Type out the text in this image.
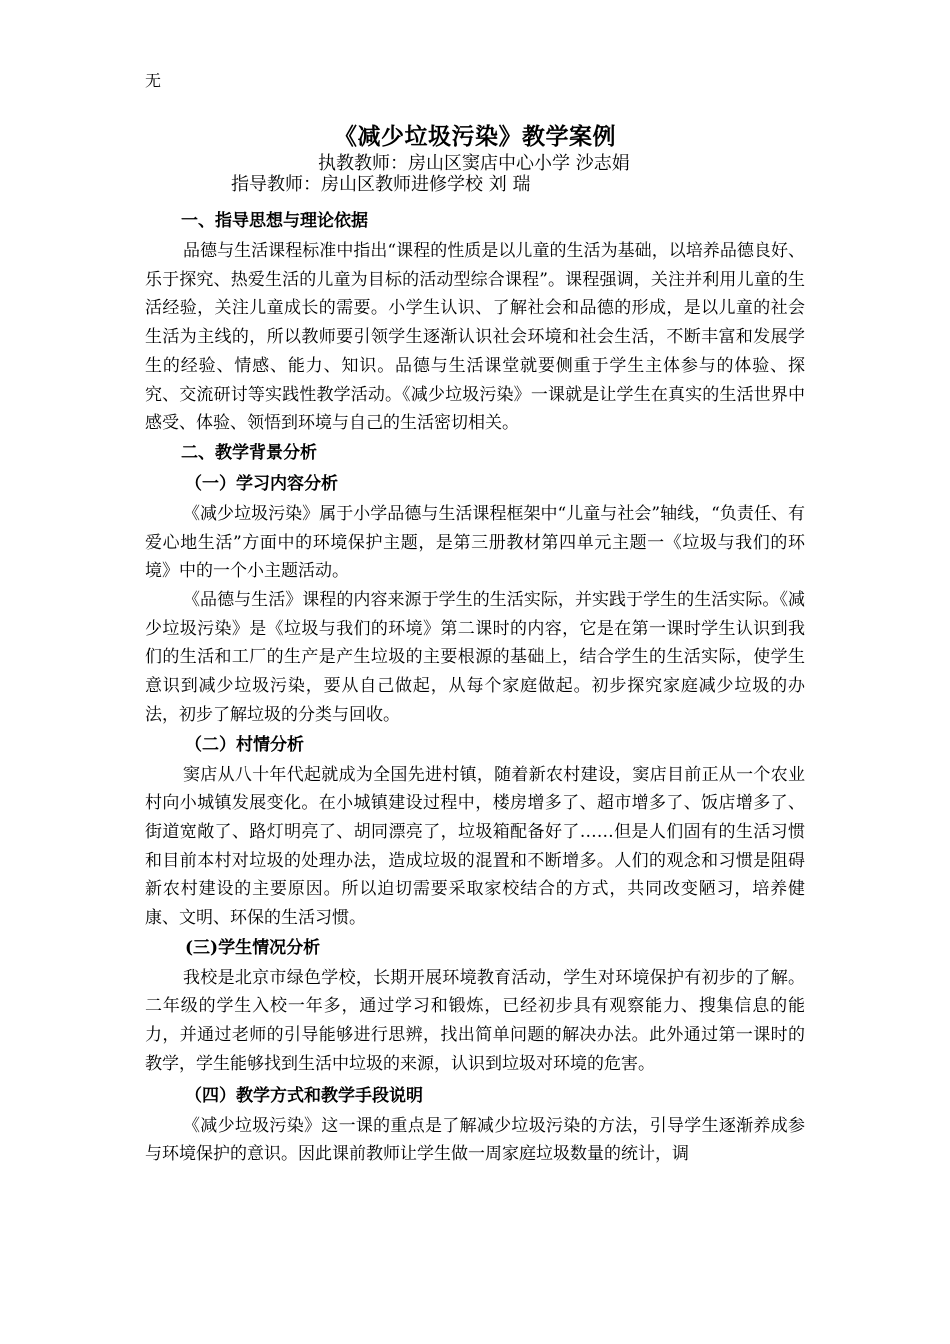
无
《减少垃圾污染》教学案例
执教教师：房山区窦店中心小学 沙志娟
指导教师：房山区教师进修学校 刘 瑞
一、指导思想与理论依据

品德与生活课程标准中指出“课程的性质是以儿童的生活为基础，以培养品德良好、乐于探究、热爱生活的儿童为目标的活动型综合课程”。课程强调，关注并利用儿童的生活经验，关注儿童成长的需要。小学生认识、了解社会和品德的形成，是以儿童的社会生活为主线的，所以教师要引领学生逐渐认识社会环境和社会生活，不断丰富和发展学生的经验、情感、能力、知识。品德与生活课堂就要侧重于学生主体参与的体验、探究、交流研讨等实践性教学活动。《减少垃圾污染》一课就是让学生在真实的生活世界中感受、体验、领悟到环境与自己的生活密切相关。

二、教学背景分析
（一）学习内容分析

《减少垃圾污染》属于小学品德与生活课程框架中“儿童与社会”轴线，“负责任、有爱心地生活”方面中的环境保护主题，是第三册教材第四单元主题一《垃圾与我们的环境》中的一个小主题活动。

《品德与生活》课程的内容来源于学生的生活实际，并实践于学生的生活实际。《减少垃圾污染》是《垃圾与我们的环境》第二课时的内容，它是在第一课时学生认识到我们的生活和工厂的生产是产生垃圾的主要根源的基础上，结合学生的生活实际，使学生意识到减少垃圾污染，要从自己做起，从每个家庭做起。初步探究家庭减少垃圾的办法，初步了解垃圾的分类与回收。

（二）村情分析

窦店从八十年代起就成为全国先进村镇，随着新农村建设，窦店目前正从一个农业村向小城镇发展变化。在小城镇建设过程中，楼房增多了、超市增多了、饭店增多了、街道宽敞了、路灯明亮了、胡同漂亮了，垃圾箱配备好了……但是人们固有的生活习惯和目前本村对垃圾的处理办法，造成垃圾的混置和不断增多。人们的观念和习惯是阻碍新农村建设的主要原因。所以迫切需要采取家校结合的方式，共同改变陋习，培养健康、文明、环保的生活习惯。

(三)学生情况分析

我校是北京市绿色学校，长期开展环境教育活动，学生对环境保护有初步的了解。二年级的学生入校一年多，通过学习和锻炼，已经初步具有观察能力、搜集信息的能力，并通过老师的引导能够进行思辨，找出简单问题的解决办法。此外通过第一课时的教学，学生能够找到生活中垃圾的来源，认识到垃圾对环境的危害。

（四）教学方式和教学手段说明

《减少垃圾污染》这一课的重点是了解减少垃圾污染的方法，引导学生逐渐养成参与环境保护的意识。因此课前教师让学生做一周家庭垃圾数量的统计，调
